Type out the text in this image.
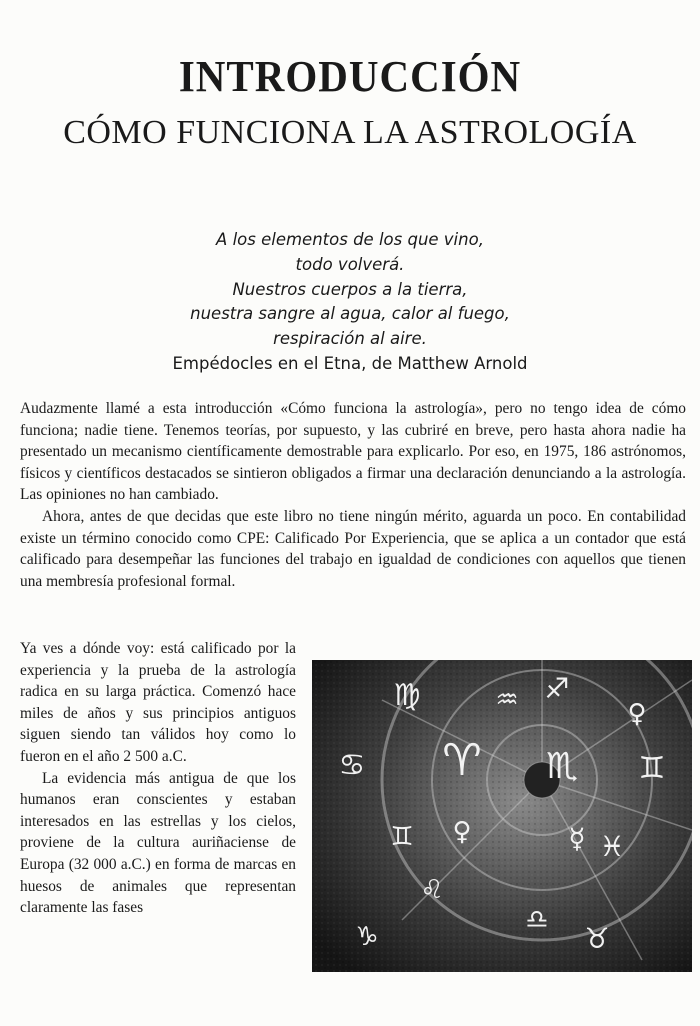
INTRODUCCIÓN
CÓMO FUNCIONA LA ASTROLOGÍA
A los elementos de los que vino,
todo volverá.
Nuestros cuerpos a la tierra,
nuestra sangre al agua, calor al fuego,
respiración al aire.
Empédocles en el Etna, de Matthew Arnold

Audazmente llamé a esta introducción «Cómo funciona la astrología», pero no tengo idea de cómo funciona; nadie tiene. Tenemos teorías, por supuesto, y las cubriré en breve, pero hasta ahora nadie ha presentado un mecanismo científicamente demostrable para explicarlo. Por eso, en 1975, 186 astrónomos, físicos y científicos destacados se sintieron obligados a firmar una declaración denunciando a la astrología. Las opiniones no han cambiado.

Ahora, antes de que decidas que este libro no tiene ningún mérito, aguarda un poco. En contabilidad existe un término conocido como CPE: Calificado Por Experiencia, que se aplica a un contador que está calificado para desempeñar las funciones del trabajo en igualdad de condiciones con aquellos que tienen una membresía profesional formal.

Ya ves a dónde voy: está calificado por la experiencia y la prueba de la astrología radica en su larga práctica. Comenzó hace miles de años y sus principios antiguos siguen siendo tan válidos hoy como lo fueron en el año 2 500 a.C.

La evidencia más antigua de que los humanos eran conscientes y estaban interesados en las estrellas y los cielos, proviene de la cultura auriñaciense de Europa (32 000 a.C.) en forma de marcas en huesos de animales que representan claramente las fases

♍	♐
♈ ♏ ♊
♋
♒	♀
♊ ♀	☿ ♓
♌
♎
♉
♑
